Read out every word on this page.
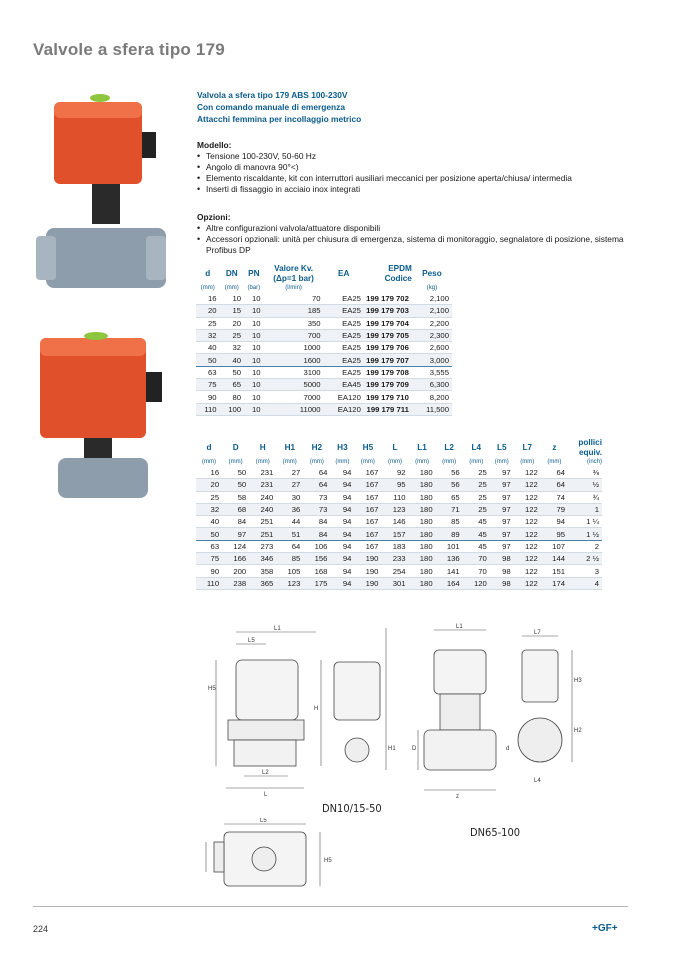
Valvole a sfera tipo 179
Valvola a sfera tipo 179 ABS 100-230V
Con comando manuale di emergenza
Attacchi femmina per incollaggio metrico
Modello:
• Tensione 100-230V, 50-60 Hz
• Angolo di manovra 90°<)
• Elemento riscaldante, kit con interruttori ausiliari meccanici per posizione aperta/chiusa/ intermedia
• Inserti di fissaggio in acciaio inox integrati
Opzioni:
• Altre configurazioni valvola/attuatore disponibili
• Accessori opzionali: unità per chiusura di emergenza, sistema di monitoraggio, segnalatore di posizione, sistema Profibus DP
d	DN	PN	Valore Kv. (Δp=1 bar)	EA	EPDM Codice	Peso
(mm)	(mm)	(bar)	(l/min)			(kg)
16	10	10	70	EA25	199 179 702	2,100
20	15	10	185	EA25	199 179 703	2,100
25	20	10	350	EA25	199 179 704	2,200
32	25	10	700	EA25	199 179 705	2,300
40	32	10	1000	EA25	199 179 706	2,600
50	40	10	1600	EA25	199 179 707	3,000
63	50	10	3100	EA25	199 179 708	3,555
75	65	10	5000	EA45	199 179 709	6,300
90	80	10	7000	EA120	199 179 710	8,200
110	100	10	11000	EA120	199 179 711	11,500
d	D	H	H1	H2	H3	H5	L	L1	L2	L4	L5	L7	z	pollici equiv.
(mm)	(mm)	(mm)	(mm)	(mm)	(mm)	(mm)	(mm)	(mm)	(mm)	(mm)	(mm)	(mm)	(mm)	(inch)
16	50	231	27	64	94	167	92	180	56	25	97	122	64	⅜
20	50	231	27	64	94	167	95	180	56	25	97	122	64	½
25	58	240	30	73	94	167	110	180	65	25	97	122	74	¾
32	68	240	36	73	94	167	123	180	71	25	97	122	79	1
40	84	251	44	84	94	167	146	180	85	45	97	122	94	1 ¼
50	97	251	51	84	94	167	157	180	89	45	97	122	95	1 ½
63	124	273	64	106	94	167	183	180	101	45	97	122	107	2
75	166	346	85	156	94	190	233	180	136	70	98	122	144	2 ½
90	200	358	105	168	94	190	254	180	141	70	98	122	151	3
110	238	365	123	175	94	190	301	180	164	120	98	122	174	4
L1
L5
H5
H
L
L2
H1
DN10/15-50
L1
L7
D
z
H2
H3
L4
d
DN65-100
H5
L5
224	+GF+
